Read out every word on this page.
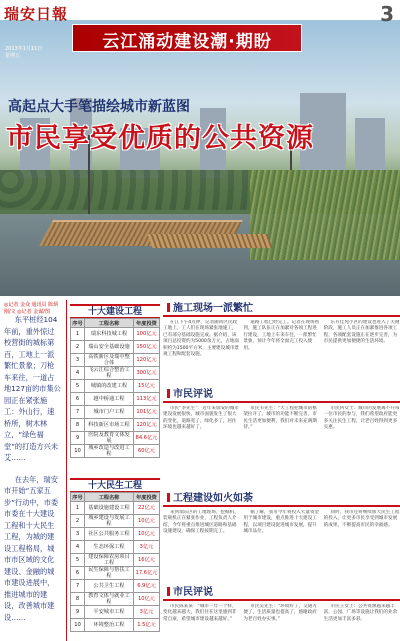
云江涌动建设潮·期盼
高起点大手笔描绘城市新蓝图
市民享受优质的公共资源
瑞安日報	3
2013年1月11日
星期五
◎记者 金众 通讯员 陈炳刚/文 ◎记者 金谋/图

东平桩经104年前，重外惊过校营街的城标第百，工地上一派繁忙景象；刀枪车来往，一道占地127亩的市集公园正在紧张施工：外山行，速桥所，树木林立，“绿色福堂”的打造方兴未艾……

在去年，瑞安市开始“五家五步”行动中，市委市委在十大建设工程和十大民生工程，为城的建设工程格局，城市市区域的文化建设、金融的城市建设进展中，推进城市的建设，改善城市建设……

十大建设工程
序号	工程名称	年度投资
1	瑞东科技城工程	100亿元
2	瑞山安全基础设施	150亿元
3	高铁新区及瑞中整合体	120亿元
4	飞云江综合整治工程	300亿元
5	城镇的改建工程	15亿元
6	越中桥通工程	113亿元
7	城市门户工程	101亿元
8	科技新区市场工程	120亿元
9	医院及教育文体发展	84.6亿元
10	城乡改造与改进工程	60亿元
十大民生工程
序号	工程名称	年度投资
1	基础设施建设工程	22亿元
2	城乡建设与发展工程	10亿元
3	社区公共服务工程	10亿元
4	生态环保工程	3亿元
5	建设保障农房项目工程	16亿元
6	民生保障与帮扶工程	17.6亿元
7	公共卫生工程	6.9亿元
8	教育文体与就业工程	10亿元
9	平安城市工程	3亿元
10	环境整治工程	1.5亿元
施工现场一派繁忙

在江下午4点钟，记者随同区民政工地上，工人们在现场紧张地施工，已有部分基础设施完成。据介绍，该项目总投资约为5000余万元，占地面积约为1500平方米，主要建设城市景观工程和配套设施。

道路工程已经完工。记者在现场看到，施工队伍正在加紧对各项工程进行建设，工地上车来车往，一派繁忙景象，预计今年将全面完工投入使用。

东方佳苑小区的建设也进入了关键阶段，施工人员正在加紧推进各项工程，各项配套设施正在逐步完善，为市民提供更加便捷的生活环境。

市民评说

市民“李先生”：近年来瑞安的城市建设发展很快，城市面貌发生了很大的变化，道路宽了，绿化多了，居住环境也越来越好了。

市民韦先生：“大工程把城市的框架拉开了，城市的功能不断完善，市民生活更加便利，我们对未来充满期待。”

市民何女士：城市的发展离不开每一位市民的参与，我们希望政府能更多关注民生工程，让老百姓得到更多实惠。

工程建设如火如荼

来到瑞东区的工地现场，挖掘机、装载机正在紧张作业，工程负责人介绍，今年将重点推进城区道路和基础设施建设，确保工程按期完工。

据了解，我市今年将投入大量资金用于城市建设，重点推进十大建设工程，以项目建设促进城市发展，提升城市品位。

同时，我市还将继续加大民生工程的投入，让更多市民享受到城市发展的成果，不断提高市民的幸福感。

市民评说

市民陈某某：“城市一年一个样，变化越来越大，我们住在这里感到非常自豪，希望城市建设越来越好。”

市民吴先生：“环境好了，交通方便了，生活质量也提高了，感谢政府为老百姓办实事。”

市民王女士：公共资源越来越丰富，公园、广场等设施让我们的业余生活更加丰富多彩。
